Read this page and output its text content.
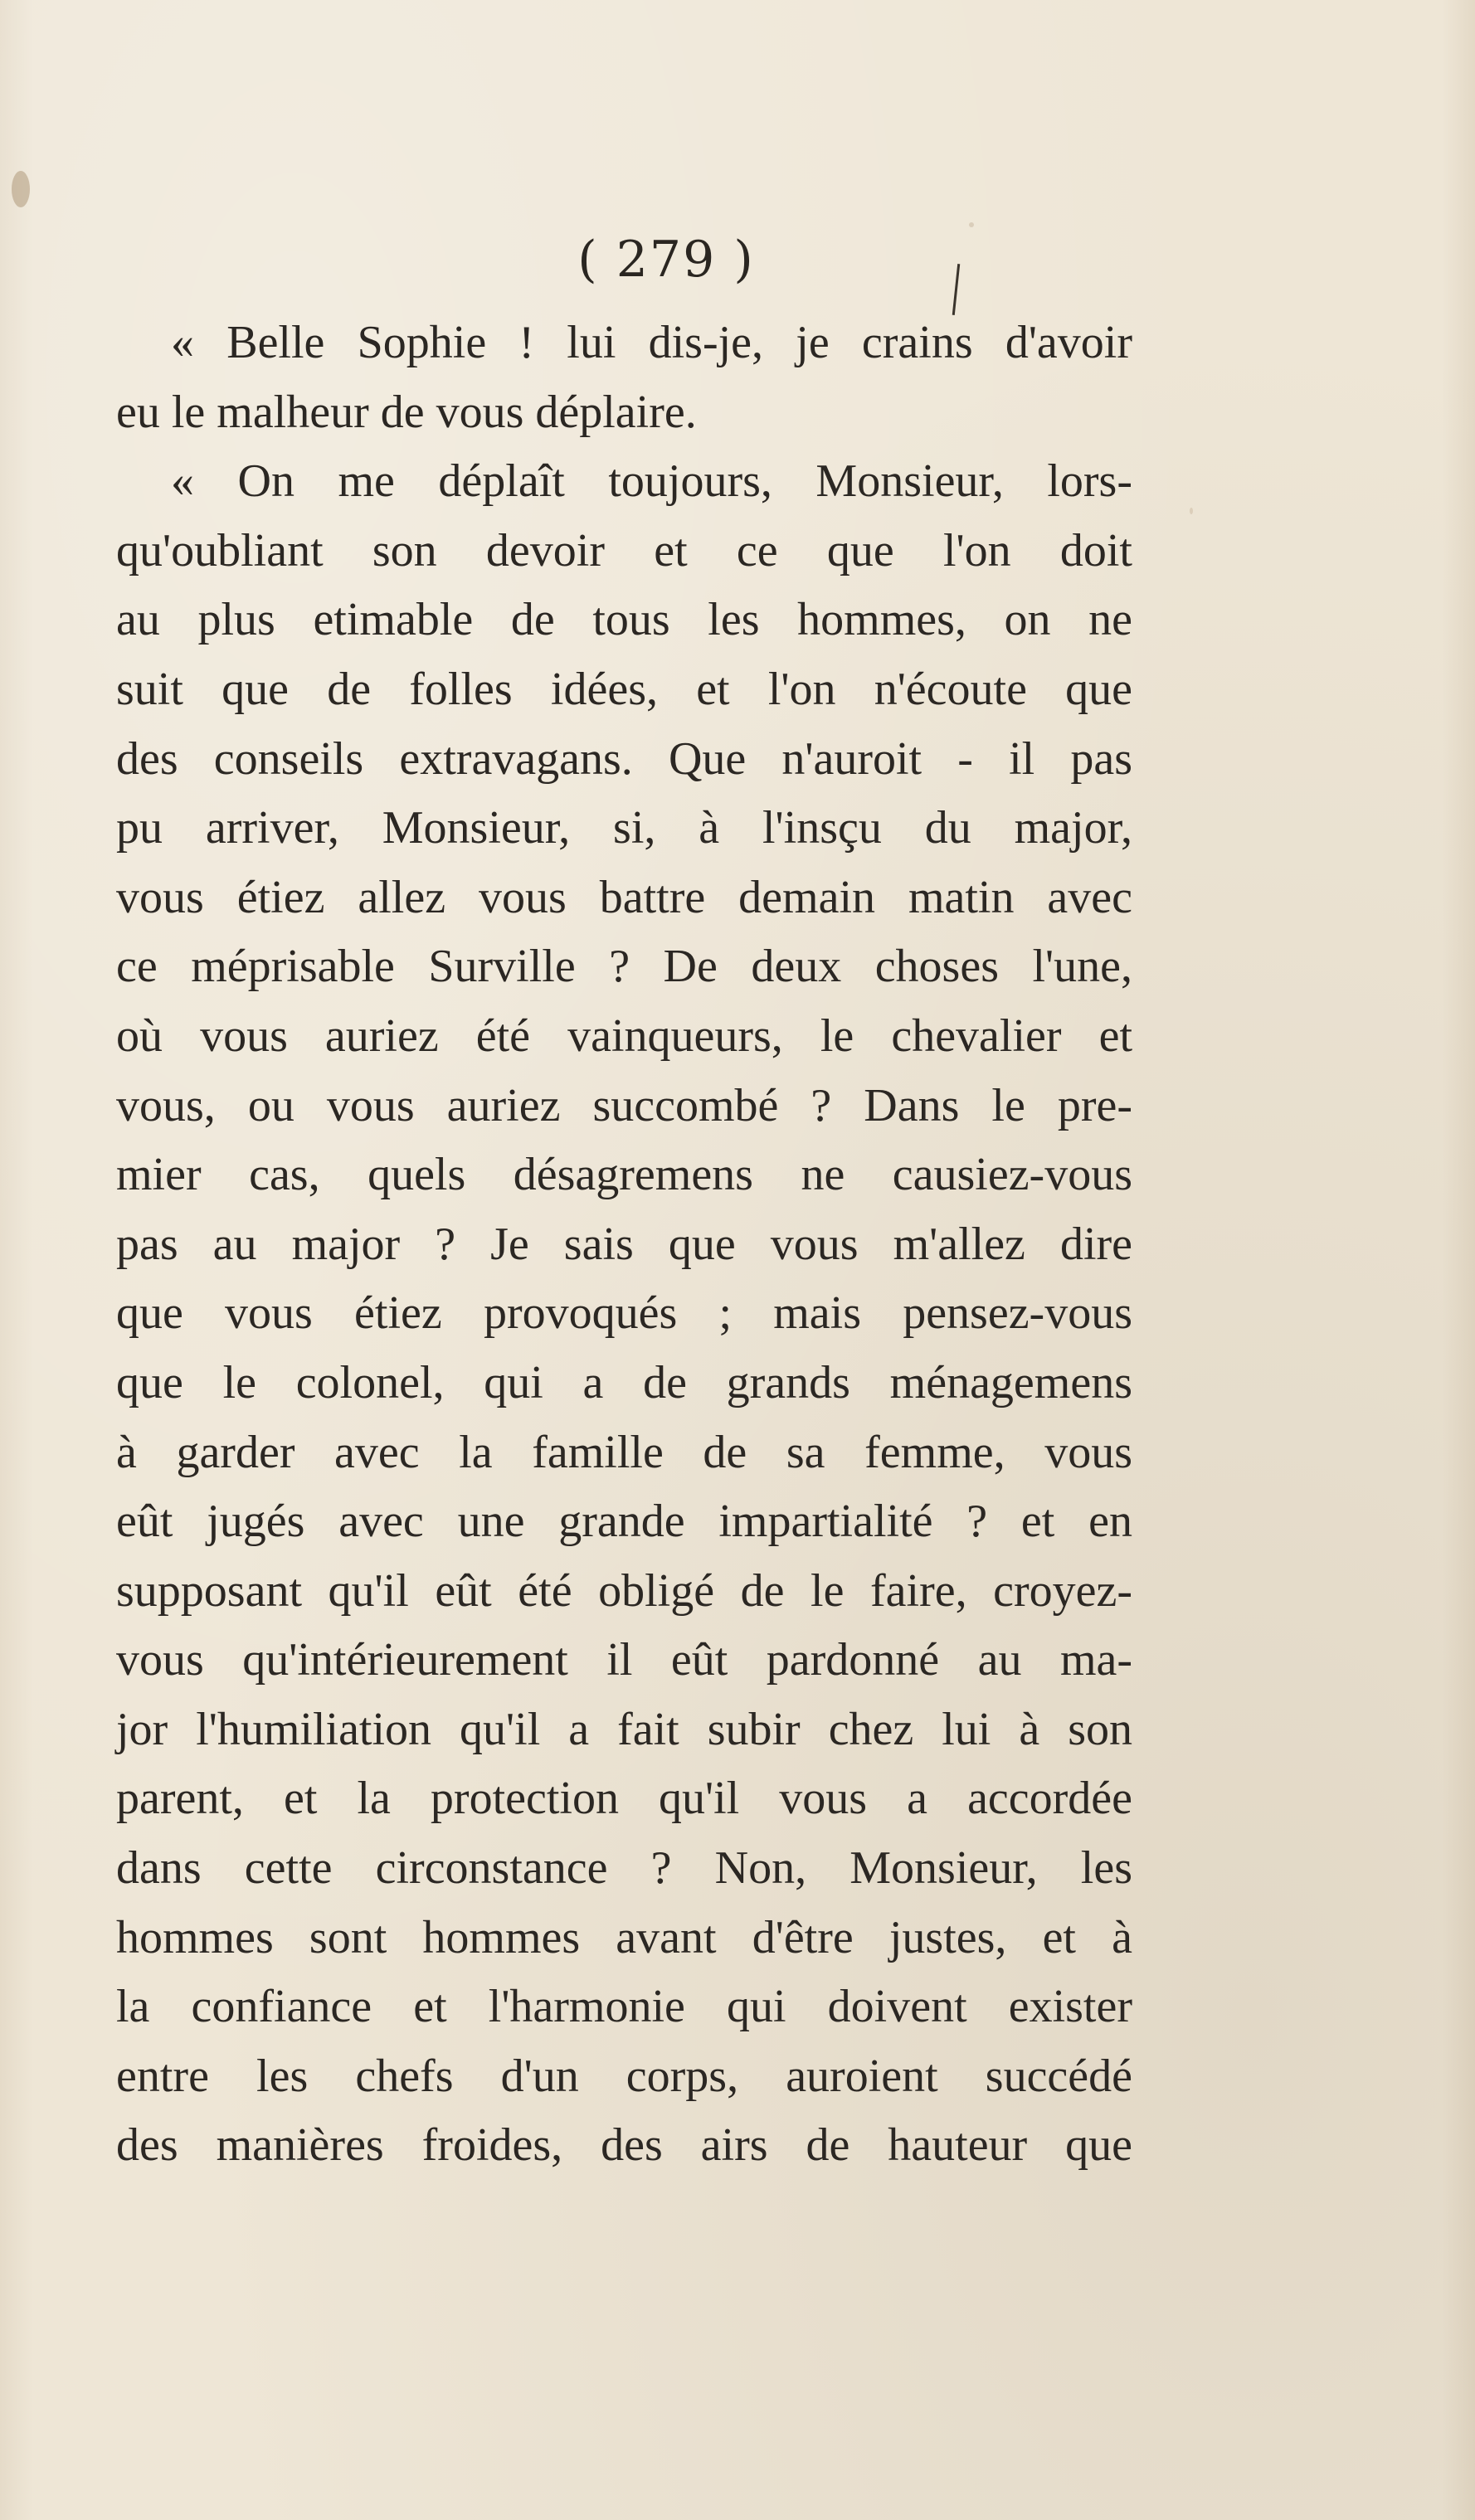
( 279 )
« Belle Sophie ! lui dis-je, je crains d'avoir
eu le malheur de vous déplaire.
« On me déplaît toujours, Monsieur, lors-
qu'oubliant son devoir et ce que l'on doit
au plus etimable de tous les hommes, on ne
suit que de folles idées, et l'on n'écoute que
des conseils extravagans. Que n'auroit - il pas
pu arriver, Monsieur, si, à l'insçu du major,
vous étiez allez vous battre demain matin avec
ce méprisable Surville ? De deux choses l'une,
où vous auriez été vainqueurs, le chevalier et
vous, ou vous auriez succombé ? Dans le pre-
mier cas, quels désagremens ne causiez-vous
pas au major ? Je sais que vous m'allez dire
que vous étiez provoqués ; mais pensez-vous
que le colonel, qui a de grands ménagemens
à garder avec la famille de sa femme, vous
eût jugés avec une grande impartialité ? et en
supposant qu'il eût été obligé de le faire, croyez-
vous qu'intérieurement il eût pardonné au ma-
jor l'humiliation qu'il a fait subir chez lui à son
parent, et la protection qu'il vous a accordée
dans cette circonstance ? Non, Monsieur, les
hommes sont hommes avant d'être justes, et à
la confiance et l'harmonie qui doivent exister
entre les chefs d'un corps, auroient succédé
des manières froides, des airs de hauteur que
